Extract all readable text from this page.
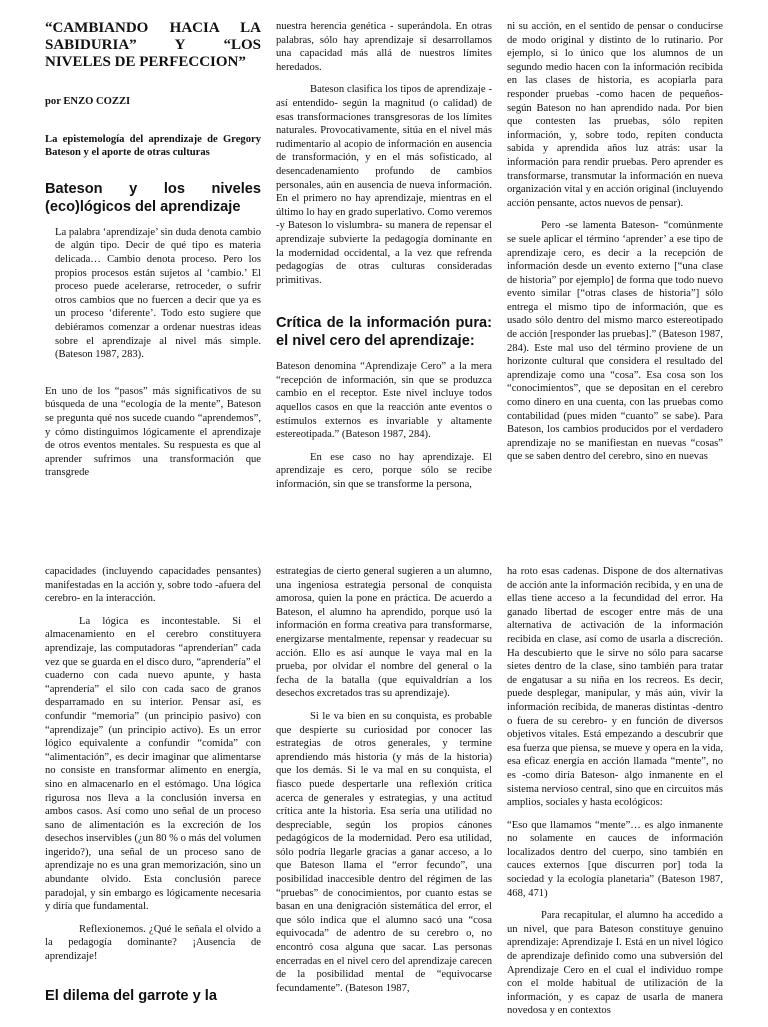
“CAMBIANDO HACIA LA SABIDURIA” Y “LOS NIVELES DE PERFECCION”
por ENZO COZZI
La epistemología del aprendizaje de Gregory Bateson y el aporte de otras culturas
Bateson y los niveles (eco)lógicos del aprendizaje

La palabra ‘aprendizaje’ sin duda denota cambio de algún tipo. Decir de qué tipo es materia delicada… Cambio denota proceso. Pero los propios procesos están sujetos al ‘cambio.’ El proceso puede acelerarse, retroceder, o sufrir otros cambios que no fuercen a decir que ya es un proceso ‘diferente’. Todo esto sugiere que debiéramos comenzar a ordenar nuestras ideas sobre el aprendizaje al nivel más simple. (Bateson 1987, 283).

En uno de los “pasos” más significativos de su búsqueda de una “ecología de la mente”, Bateson se pregunta qué nos sucede cuando “aprendemos”, y cómo distinguimos lógicamente el aprendizaje de otros eventos mentales. Su respuesta es que al aprender sufrimos una transformación que transgrede

nuestra herencia genética - superándola. En otras palabras, sólo hay aprendizaje si desarrollamos una capacidad más allá de nuestros límites heredados.

Bateson clasifica los tipos de aprendizaje -así entendido- según la magnitud (o calidad) de esas transformaciones transgresoras de los límites naturales. Provocativamente, sitúa en el nivel más rudimentario al acopio de información en ausencia de transformación, y en el más sofisticado, al desencadenamiento profundo de cambios personales, aún en ausencia de nueva información. En el primero no hay aprendizaje, mientras en el último lo hay en grado superlativo. Como veremos -y Bateson lo vislumbra- su manera de repensar el aprendizaje subvierte la pedagogía dominante en la modernidad occidental, a la vez que refrenda pedagogías de otras culturas consideradas primitivas.

Crítica de la información pura: el nivel cero del aprendizaje:

Bateson denomina “Aprendizaje Cero” a la mera “recepción de información, sin que se produzca cambio en el receptor. Este nivel incluye todos aquellos casos en que la reacción ante eventos o estímulos externos es invariable y altamente estereotipada.” (Bateson 1987, 284).

En ese caso no hay aprendizaje. El aprendizaje es cero, porque sólo se recibe información, sin que se transforme la persona,

ni su acción, en el sentido de pensar o conducirse de modo original y distinto de lo rutinario. Por ejemplo, si lo único que los alumnos de un segundo medio hacen con la información recibida en las clases de historia, es acopiarla para responder pruebas -como hacen de pequeños- según Bateson no han aprendido nada. Por bien que contesten las pruebas, sólo repiten información, y, sobre todo, repiten conducta sabida y aprendida años luz atrás: usar la información para rendir pruebas. Pero aprender es transformarse, transmutar la información en nueva organización vital y en acción original (incluyendo acción pensante, actos nuevos de pensar).

Pero -se lamenta Bateson- “comúnmente se suele aplicar el término ‘aprender’ a ese tipo de aprendizaje cero, es decir a la recepción de información desde un evento externo [“una clase de historia” por ejemplo] de forma que todo nuevo evento similar [“otras clases de historia”] sólo entrega el mismo tipo de información, que es usado sólo dentro del mismo marco estereotipado de acción [responder las pruebas].” (Bateson 1987, 284). Este mal uso del término proviene de un horizonte cultural que considera el resultado del aprendizaje como una “cosa”. Esa cosa son los “conocimientos”, que se depositan en el cerebro como dinero en una cuenta, con las pruebas como contabilidad (pues miden “cuanto” se sabe). Para Bateson, los cambios producidos por el verdadero aprendizaje no se manifiestan en nuevas “cosas” que se saben dentro del cerebro, sino en nuevas

capacidades (incluyendo capacidades pensantes) manifestadas en la acción y, sobre todo -afuera del cerebro- en la interacción.

La lógica es incontestable. Si el almacenamiento en el cerebro constituyera aprendizaje, las computadoras “aprenderían” cada vez que se guarda en el disco duro, “aprendería” el cuaderno con cada nuevo apunte, y hasta “aprendería” el silo con cada saco de granos desparramado en su interior. Pensar así, es confundir “memoria” (un principio pasivo) con “aprendizaje” (un principio activo). Es un error lógico equivalente a confundir “comida” con “alimentación”, es decir imaginar que alimentarse no consiste en transformar alimento en energía, sino en almacenarlo en el estómago. Una lógica rigurosa nos lleva a la conclusión inversa en ambos casos. Así como uno señal de un proceso sano de alimentación es la excreción de los desechos inservibles (¿un 80 % o más del volumen ingerido?), una señal de un proceso sano de aprendizaje no es una gran memorización, sino un abundante olvido. Esta conclusión parece paradojal, y sin embargo es lógicamente necesaria y diría que fundamental.

Reflexionemos. ¿Qué le señala el olvido a la pedagogía dominante? ¡Ausencia de aprendizaje!

El dilema del garrote y la

estrategias de cierto general sugieren a un alumno, una ingeniosa estrategia personal de conquista amorosa, quien la pone en práctica. De acuerdo a Bateson, el alumno ha aprendido, porque usó la información en forma creativa para transformarse, energizarse mentalmente, repensar y readecuar su acción. Ello es así aunque le vaya mal en la prueba, por olvidar el nombre del general o la fecha de la batalla (que equivaldrían a los desechos excretados tras su aprendizaje).

Si le va bien en su conquista, es probable que despierte su curiosidad por conocer las estrategias de otros generales, y termine aprendiendo más historia (y más de la historia) que los demás. Si le va mal en su conquista, el fiasco puede despertarle una reflexión crítica acerca de generales y estrategias, y una actitud crítica ante la historia. Esa sería una utilidad no despreciable, según los propios cánones pedagógicos de la modernidad. Pero esa utilidad, sólo podría llegarle gracias a ganar acceso, a lo que Bateson llama el “error fecundo”, una posibilidad inaccesible dentro del régimen de las “pruebas” de conocimientos, por cuanto estas se basan en una denigración sistemática del error, el que sólo indica que el alumno sacó una “cosa equivocada” de adentro de su cerebro o, no encontró cosa alguna que sacar. Las personas encerradas en el nivel cero del aprendizaje carecen de la posibilidad mental de “equivocarse fecundamente”. (Bateson 1987,

ha roto esas cadenas. Dispone de dos alternativas de acción ante la información recibida, y en una de ellas tiene acceso a la fecundidad del error. Ha ganado libertad de escoger entre más de una alternativa de activación de la información recibida en clase, así como de usarla a discreción. Ha descubierto que le sirve no sólo para sacarse sietes dentro de la clase, sino también para tratar de engatusar a su niña en los recreos. Es decir, puede desplegar, manipular, y más aún, vivir la información recibida, de maneras distintas -dentro o fuera de su cerebro- y en función de diversos objetivos vitales. Está empezando a descubrir que esa fuerza que piensa, se mueve y opera en la vida, esa eficaz energía en acción llamada “mente”, no es -como diría Bateson- algo inmanente en el sistema nervioso central, sino que en circuitos más amplios, sociales y hasta ecológicos:

“Eso que llamamos “mente”… es algo inmanente no solamente en cauces de información localizados dentro del cuerpo, sino también en cauces externos [que discurren por] toda la sociedad y la ecología planetaria” (Bateson 1987, 468, 471)

Para recapitular, el alumno ha accedido a un nivel, que para Bateson constituye genuino aprendizaje: Aprendizaje I. Está en un nivel lógico de aprendizaje definido como una subversión del Aprendizaje Cero en el cual el individuo rompe con el molde habitual de utilización de la información, y es capaz de usarla de manera novedosa y en contextos
